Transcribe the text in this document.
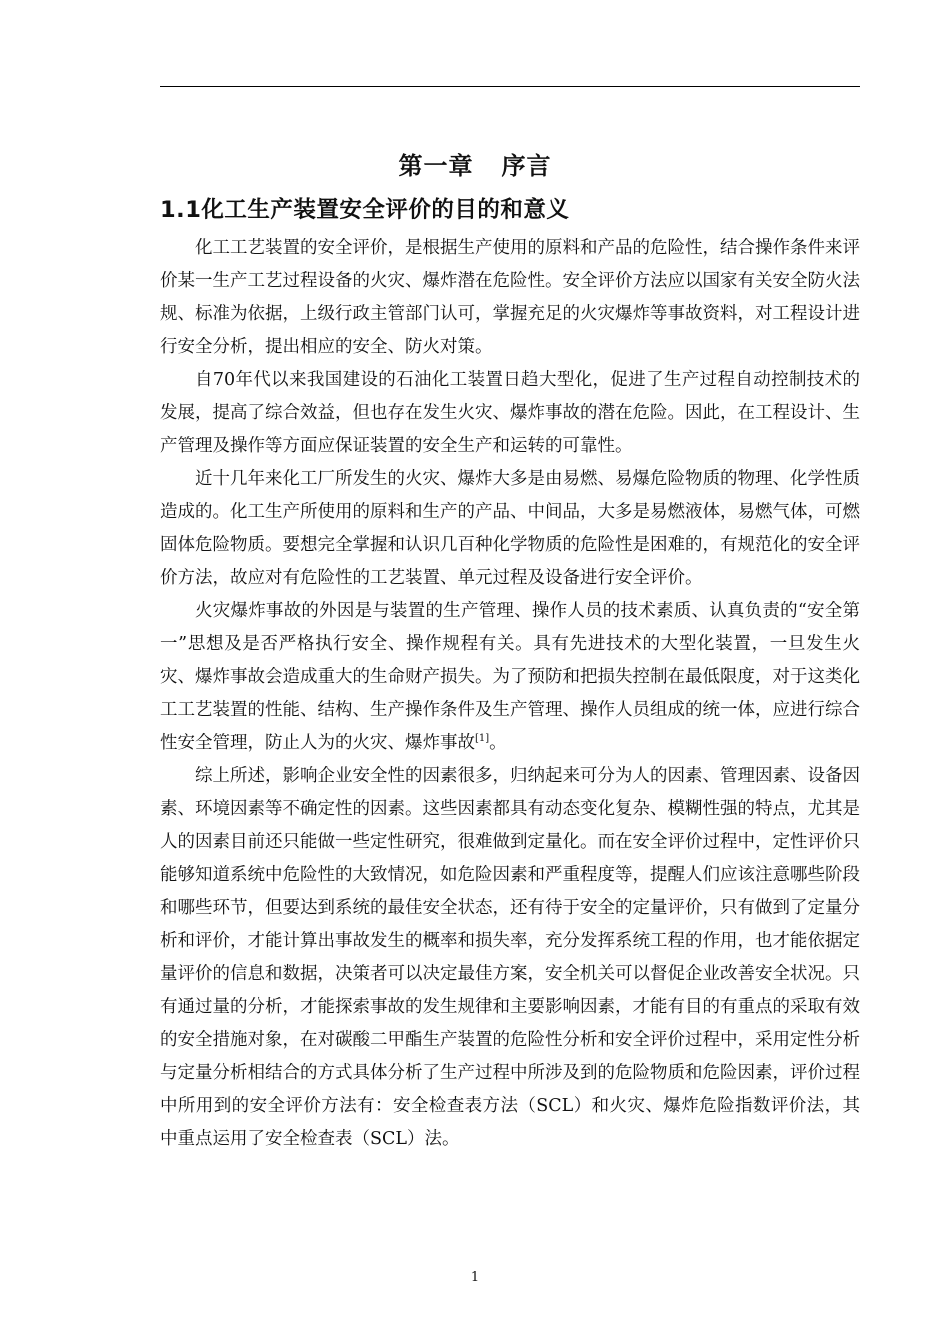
第一章   序言
1.1化工生产装置安全评价的目的和意义

化工工艺装置的安全评价，是根据生产使用的原料和产品的危险性，结合操作条件来评价某一生产工艺过程设备的火灾、爆炸潜在危险性。安全评价方法应以国家有关安全防火法规、标准为依据，上级行政主管部门认可，掌握充足的火灾爆炸等事故资料，对工程设计进行安全分析，提出相应的安全、防火对策。

自70年代以来我国建设的石油化工装置日趋大型化，促进了生产过程自动控制技术的发展，提高了综合效益，但也存在发生火灾、爆炸事故的潜在危险。因此，在工程设计、生产管理及操作等方面应保证装置的安全生产和运转的可靠性。

近十几年来化工厂所发生的火灾、爆炸大多是由易燃、易爆危险物质的物理、化学性质造成的。化工生产所使用的原料和生产的产品、中间品，大多是易燃液体，易燃气体，可燃固体危险物质。要想完全掌握和认识几百种化学物质的危险性是困难的，有规范化的安全评价方法，故应对有危险性的工艺装置、单元过程及设备进行安全评价。

火灾爆炸事故的外因是与装置的生产管理、操作人员的技术素质、认真负责的“安全第一”思想及是否严格执行安全、操作规程有关。具有先进技术的大型化装置，一旦发生火灾、爆炸事故会造成重大的生命财产损失。为了预防和把损失控制在最低限度，对于这类化工工艺装置的性能、结构、生产操作条件及生产管理、操作人员组成的统一体，应进行综合性安全管理，防止人为的火灾、爆炸事故[1]。

综上所述，影响企业安全性的因素很多，归纳起来可分为人的因素、管理因素、设备因素、环境因素等不确定性的因素。这些因素都具有动态变化复杂、模糊性强的特点，尤其是人的因素目前还只能做一些定性研究，很难做到定量化。而在安全评价过程中，定性评价只能够知道系统中危险性的大致情况，如危险因素和严重程度等，提醒人们应该注意哪些阶段和哪些环节，但要达到系统的最佳安全状态，还有待于安全的定量评价，只有做到了定量分析和评价，才能计算出事故发生的概率和损失率，充分发挥系统工程的作用，也才能依据定量评价的信息和数据，决策者可以决定最佳方案，安全机关可以督促企业改善安全状况。只有通过量的分析，才能探索事故的发生规律和主要影响因素，才能有目的有重点的采取有效的安全措施对象，在对碳酸二甲酯生产装置的危险性分析和安全评价过程中，采用定性分析与定量分析相结合的方式具体分析了生产过程中所涉及到的危险物质和危险因素，评价过程中所用到的安全评价方法有：安全检查表方法（SCL）和火灾、爆炸危险指数评价法，其中重点运用了安全检查表（SCL）法。

1
